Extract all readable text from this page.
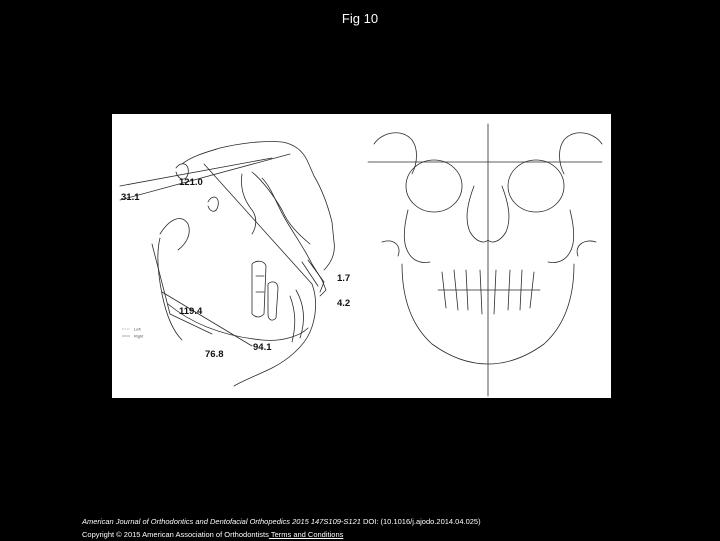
Fig 10
121.0
31.1
1.7
4.2
119.4
94.1
76.8
Left
Right
American Journal of Orthodontics and Dentofacial Orthopedics 2015 147S109-S121 DOI: (10.1016/j.ajodo.2014.04.025)
Copyright © 2015 American Association of Orthodontists Terms and Conditions
